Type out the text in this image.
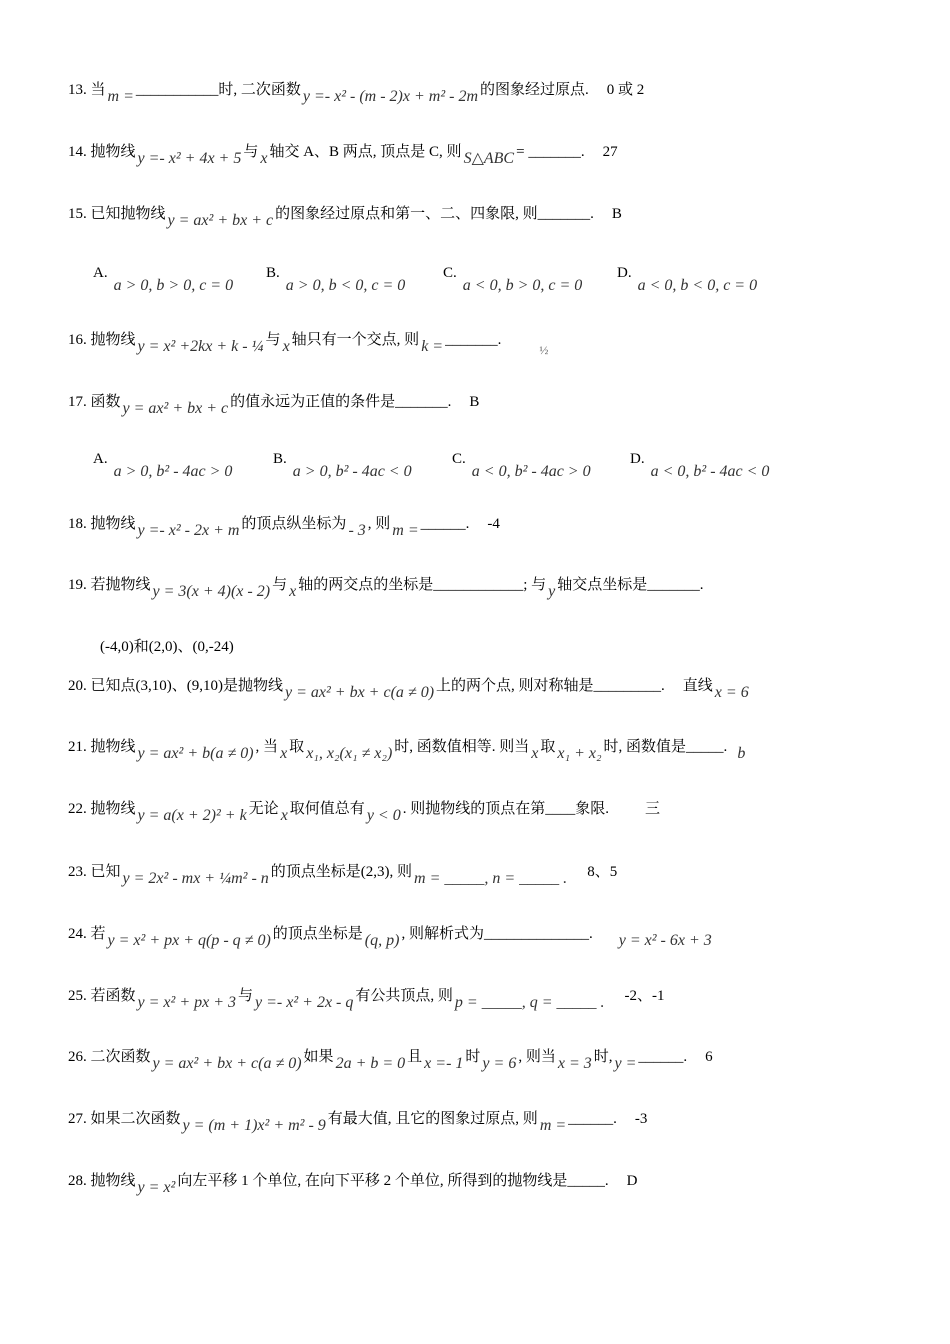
13. 当 m = ___________时, 二次函数 y =- x² - (m - 2)x + m² - 2m 的图象经过原点. 0 或 2
14. 抛物线 y =- x² + 4x + 5 与 x 轴交 A、B 两点, 顶点是 C, 则 S△ABC = _______. 27
15. 已知抛物线 y = ax² + bx + c 的图象经过原点和第一、二、四象限, 则_______. B
A.a > 0, b > 0, c = 0
B.a > 0, b < 0, c = 0
C.a < 0, b > 0, c = 0
D.a < 0, b < 0, c = 0
16. 抛物线 y = x² +2kx + k - ¼ 与 x 轴只有一个交点, 则 $k = \_\_\_\_\_\_\_._{\frac{1}{2}}$
17. 函数 y = ax² + bx + c 的值永远为正值的条件是_______. B
A.a > 0, b² - 4ac > 0
B.a > 0, b² - 4ac < 0
C.a < 0, b² - 4ac > 0
D.a < 0, b² - 4ac < 0
18. 抛物线 y =- x² - 2x + m 的顶点纵坐标为 - 3 , 则 m = ______. -4
19. 若抛物线 y = 3(x + 4)(x - 2) 与 x 轴的两交点的坐标是____________; 与 y 轴交点坐标是_______.
(-4,0)和(2,0)、(0,-24)
20. 已知点(3,10)、(9,10)是抛物线 y = ax² + bx + c(a ≠ 0) 上的两个点, 则对称轴是_________. 直线 x = 6
21. 抛物线 y = ax² + b(a ≠ 0) , 当 x 取 x₁, x₂(x₁ ≠ x₂) 时, 函数值相等. 则当 x 取 x₁ + x₂ 时, 函数值是_____. b
22. 抛物线 y = a(x + 2)² + k 无论 x 取何值总有 y < 0 . 则抛物线的顶点在第____象限. 三
23. 已知 y = 2x² - mx + ¼m² - n 的顶点坐标是(2,3), 则 m = _____, n = _____ . 8、5
24. 若 y = x² + px + q(p - q ≠ 0) 的顶点坐标是 (q, p) , 则解析式为______________. y = x² - 6x + 3
25. 若函数 y = x² + px + 3 与 y =- x² + 2x - q 有公共顶点, 则 p = _____, q = _____ . -2、-1
26. 二次函数 y = ax² + bx + c(a ≠ 0) 如果 2a + b = 0 且 x =- 1 时 y = 6 , 则当 x = 3 时, y = ______. 6
27. 如果二次函数 y = (m + 1)x² + m² - 9 有最大值, 且它的图象过原点, 则 m = ______. -3
28. 抛物线 y = x² 向左平移 1 个单位, 在向下平移 2 个单位, 所得到的抛物线是_____. D
